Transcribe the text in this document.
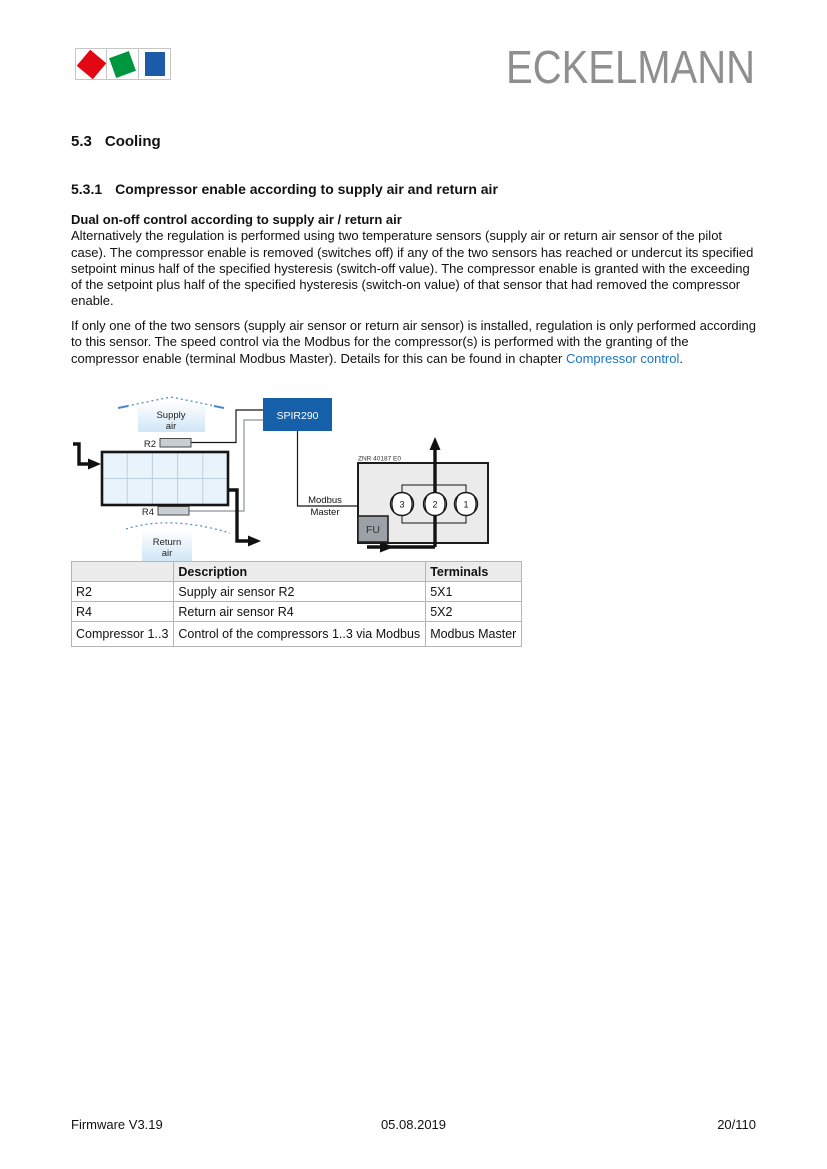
ECKELMANN
5.3 Cooling
5.3.1 Compressor enable according to supply air and return air
Dual on-off control according to supply air / return air
Alternatively the regulation is performed using two temperature sensors (supply air or return air sensor of the pilot case). The compressor enable is removed (switches off) if any of the two sensors has reached or undercut its specified setpoint minus half of the specified hysteresis (switch-off value). The compressor enable is granted with the exceeding of the setpoint plus half of the specified hysteresis (switch-on value) of that sensor that had removed the compressor enable.
If only one of the two sensors (supply air sensor or return air sensor) is installed, regulation is only performed according to this sensor. The speed control via the Modbus for the compressor(s) is performed with the granting of the compressor enable (terminal Modbus Master). Details for this can be found in chapter Compressor control.
Supply
air
Return
air
R2
R4
SPIR290
Modbus
Master
ZNR 40187 E0
3	2	1
FU
	Description	Terminals
R2	Supply air sensor R2	5X1
R4	Return air sensor R4	5X2
Compressor 1..3	Control of the compressors 1..3 via Modbus	Modbus Master
Firmware V3.19	05.08.2019	20/110
